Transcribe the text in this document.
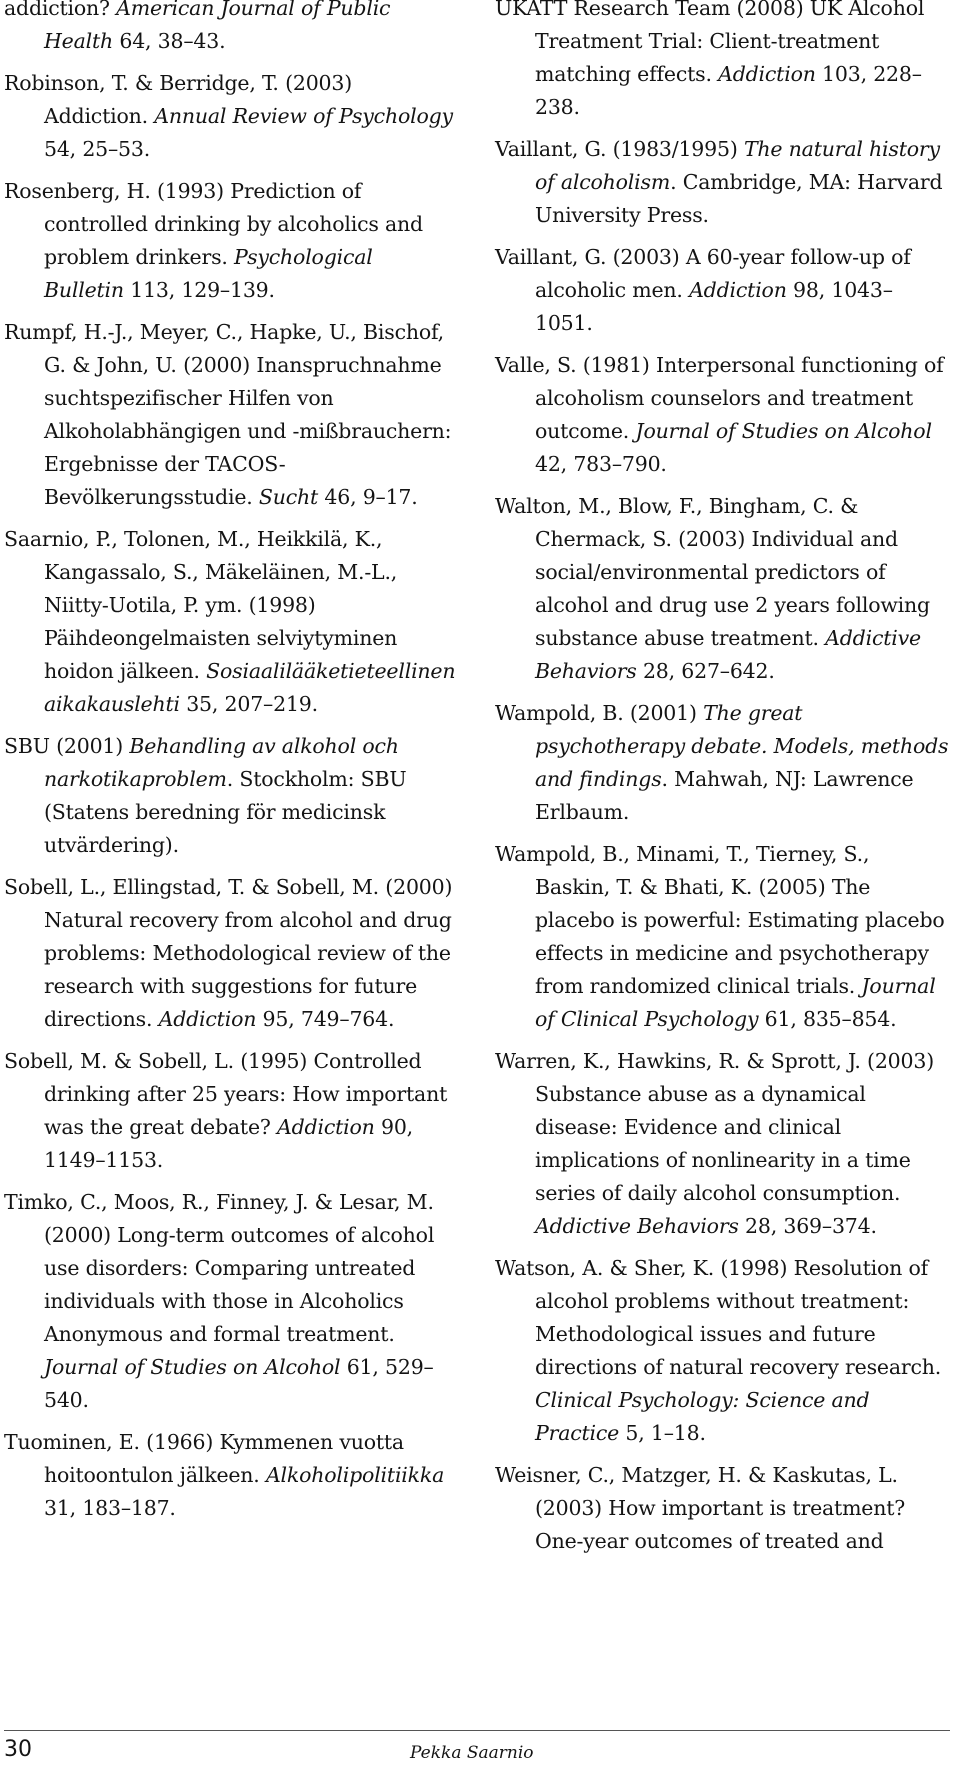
addiction? American Journal of Public Health 64, 38–43.

Robinson, T. & Berridge, T. (2003) Addiction. Annual Review of Psychology 54, 25–53.

Rosenberg, H. (1993) Prediction of controlled drinking by alcoholics and problem drinkers. Psychological Bulletin 113, 129–139.

Rumpf, H.-J., Meyer, C., Hapke, U., Bischof, G. & John, U. (2000) Inanspruchnahme suchtspezifischer Hilfen von Alkoholabhängigen und -mißbrauchern: Ergebnisse der TACOS-Bevölkerungsstudie. Sucht 46, 9–17.

Saarnio, P., Tolonen, M., Heikkilä, K., Kangassalo, S., Mäkeläinen, M.-L., Niitty-Uotila, P. ym. (1998) Päihdeongelmaisten selviytyminen hoidon jälkeen. Sosiaalilääketieteellinen aikakauslehti 35, 207–219.

SBU (2001) Behandling av alkohol och narkotikaproblem. Stockholm: SBU (Statens beredning för medicinsk utvärdering).

Sobell, L., Ellingstad, T. & Sobell, M. (2000) Natural recovery from alcohol and drug problems: Methodological review of the research with suggestions for future directions. Addiction 95, 749–764.

Sobell, M. & Sobell, L. (1995) Controlled drinking after 25 years: How important was the great debate? Addiction 90, 1149–1153.

Timko, C., Moos, R., Finney, J. & Lesar, M. (2000) Long-term outcomes of alcohol use disorders: Comparing untreated individuals with those in Alcoholics Anonymous and formal treatment. Journal of Studies on Alcohol 61, 529–540.

Tuominen, E. (1966) Kymmenen vuotta hoitoontulon jälkeen. Alkoholipolitiikka 31, 183–187.

UKATT Research Team (2008) UK Alcohol Treatment Trial: Client-treatment matching effects. Addiction 103, 228–238.

Vaillant, G. (1983/1995) The natural history of alcoholism. Cambridge, MA: Harvard University Press.

Vaillant, G. (2003) A 60-year follow-up of alcoholic men. Addiction 98, 1043–1051.

Valle, S. (1981) Interpersonal functioning of alcoholism counselors and treatment outcome. Journal of Studies on Alcohol 42, 783–790.

Walton, M., Blow, F., Bingham, C. & Chermack, S. (2003) Individual and social/environmental predictors of alcohol and drug use 2 years following substance abuse treatment. Addictive Behaviors 28, 627–642.

Wampold, B. (2001) The great psychotherapy debate. Models, methods and findings. Mahwah, NJ: Lawrence Erlbaum.

Wampold, B., Minami, T., Tierney, S., Baskin, T. & Bhati, K. (2005) The placebo is powerful: Estimating placebo effects in medicine and psychotherapy from randomized clinical trials. Journal of Clinical Psychology 61, 835–854.

Warren, K., Hawkins, R. & Sprott, J. (2003) Substance abuse as a dynamical disease: Evidence and clinical implications of nonlinearity in a time series of daily alcohol consumption. Addictive Behaviors 28, 369–374.

Watson, A. & Sher, K. (1998) Resolution of alcohol problems without treatment: Methodological issues and future directions of natural recovery research. Clinical Psychology: Science and Practice 5, 1–18.

Weisner, C., Matzger, H. & Kaskutas, L. (2003) How important is treatment? One-year outcomes of treated and

30	Pekka Saarnio
